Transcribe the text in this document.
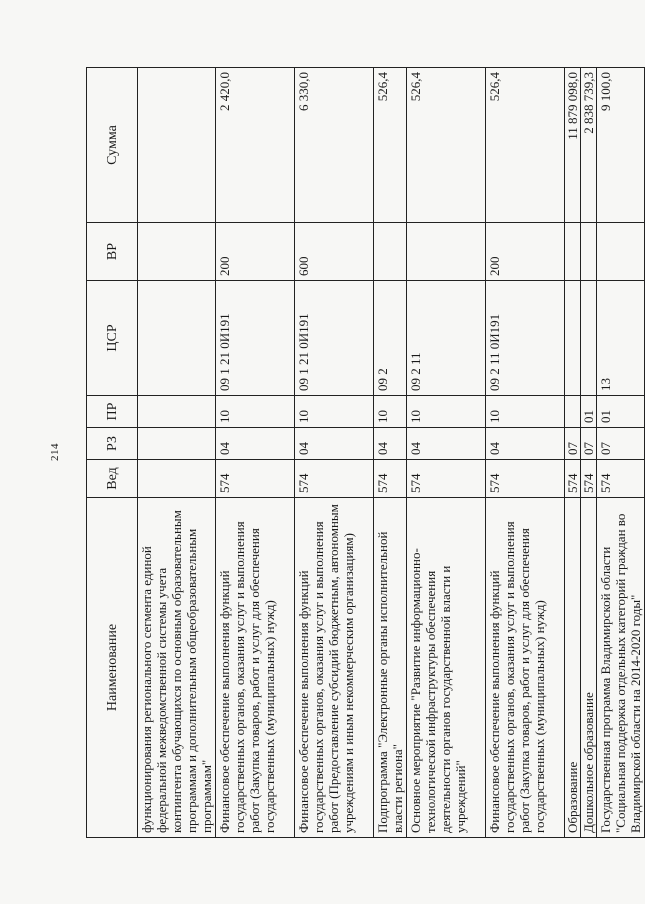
214
Наименование	Вед	РЗ	ПР	ЦСР	ВР	Сумма
функционирования регионального сегмента единой федеральной межведомственной системы учета контингента обучающихся по основным образовательным программам и дополнительным общеобразовательным программам"						
Финансовое обеспечение выполнения функций государственных органов, оказания услуг и выполнения работ (Закупка товаров, работ и услуг для обеспечения государственных (муниципальных) нужд)	574	04	10	09 1 21 0И191	200	2 420,0
Финансовое обеспечение выполнения функций государственных органов, оказания услуг и выполнения работ (Предоставление субсидий бюджетным, автономным учреждениям и иным некоммерческим организациям)	574	04	10	09 1 21 0И191	600	6 330,0
Подпрограмма "Электронные органы исполнительной власти региона"	574	04	10	09 2		526,4
Основное мероприятие "Развитие информационно-технологической инфраструктуры обеспечения деятельности органов государственной власти и учреждений"	574	04	10	09 2 11		526,4
Финансовое обеспечение выполнения функций государственных органов, оказания услуг и выполнения работ (Закупка товаров, работ и услуг для обеспечения государственных (муниципальных) нужд)	574	04	10	09 2 11 0И191	200	526,4
Образование	574	07				11 879 098,0
Дошкольное образование	574	07	01			2 838 739,3
Государственная программа Владимирской области "Социальная поддержка отдельных категорий граждан во Владимирской области на 2014-2020 годы"	574	07	01	13		9 100,0
